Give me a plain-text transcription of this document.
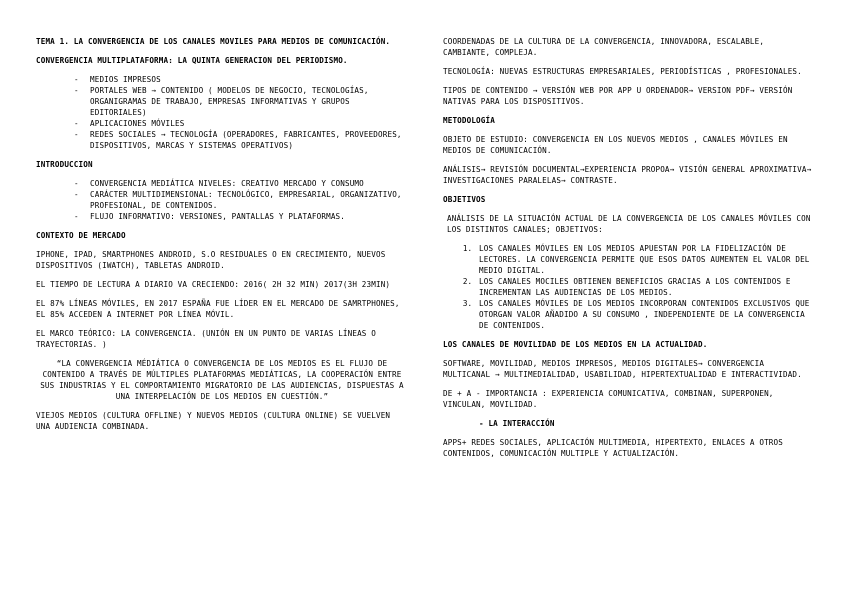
TEMA 1. LA CONVERGENCIA DE LOS CANALES MOVILES PARA MEDIOS DE COMUNICACIÓN.

CONVERGENCIA MULTIPLATAFORMA: LA QUINTA GENERACION DEL PERIODISMO.

- MEDIOS IMPRESOS
- PORTALES WEB → CONTENIDO ( MODELOS DE NEGOCIO, TECNOLOGÍAS, ORGANIGRAMAS DE TRABAJO, EMPRESAS INFORMATIVAS Y GRUPOS EDITORIALES)
- APLICACIONES MÓVILES
- REDES SOCIALES → TECNOLOGÍA (OPERADORES, FABRICANTES, PROVEEDORES, DISPOSITIVOS, MARCAS Y SISTEMAS OPERATIVOS)

INTRODUCCION

- CONVERGENCIA MEDIÁTICA NIVELES: CREATIVO MERCADO Y CONSUMO
- CARÁCTER MULTIDIMENSIONAL: TECNOLÓGICO, EMPRESARIAL, ORGANIZATIVO, PROFESIONAL, DE CONTENIDOS.
- FLUJO INFORMATIVO: VERSIONES, PANTALLAS Y PLATAFORMAS.

CONTEXTO DE MERCADO

IPHONE, IPAD, SMARTPHONES ANDROID, S.O RESIDUALES O EN CRECIMIENTO, NUEVOS DISPOSITIVOS (IWATCH), TABLETAS ANDROID.

EL TIEMPO DE LECTURA A DIARIO VA CRECIENDO: 2016( 2H 32 MIN) 2017(3H 23MIN)

EL 87% LÍNEAS MÓVILES, EN 2017 ESPAÑA FUE LÍDER EN EL MERCADO DE SAMRTPHONES, EL 85% ACCEDEN A INTERNET POR LÍNEA MÓVIL.

EL MARCO TEÓRICO: LA CONVERGENCIA. (UNIÓN EN UN PUNTO DE VARIAS LÍNEAS O TRAYECTORIAS. )

“LA CONVERGENCIA MÉDIÁTICA O CONVERGENCIA DE LOS MEDIOS ES EL FLUJO DE CONTENIDO A TRAVÉS DE MÚLTIPLES PLATAFORMAS MEDIÁTICAS, LA COOPERACIÓN ENTRE SUS INDUSTRIAS Y EL COMPORTAMIENTO MIGRATORIO DE LAS AUDIENCIAS, DISPUESTAS A UNA INTERPELACIÓN DE LOS MEDIOS EN CUESTIÓN.”

VIEJOS MEDIOS (CULTURA OFFLINE) Y NUEVOS MEDIOS (CULTURA ONLINE) SE VUELVEN UNA AUDIENCIA COMBINADA.

COORDENADAS DE LA CULTURA DE LA CONVERGENCIA, INNOVADORA, ESCALABLE, CAMBIANTE, COMPLEJA.

TECNOLOGÍA: NUEVAS ESTRUCTURAS EMPRESARIALES, PERIODÍSTICAS , PROFESIONALES.

TIPOS DE CONTENIDO → VERSIÓN WEB POR APP U ORDENADOR→ VERSION PDF→ VERSIÓN NATIVAS PARA LOS DISPOSITIVOS.

METODOLOGÍA

OBJETO DE ESTUDIO: CONVERGENCIA EN LOS NUEVOS MEDIOS , CANALES MÓVILES EN MEDIOS DE COMUNICACIÓN.

ANÁLISIS→ REVISIÓN DOCUMENTAL→EXPERIENCIA PROPOA→ VISIÓN GENERAL APROXIMATIVA→ INVESTIGACIONES PARALELAS→ CONTRASTE.

OBJETIVOS

ANÁLISIS DE LA SITUACIÓN ACTUAL DE LA CONVERGENCIA DE LOS CANALES MÓVILES CON LOS DISTINTOS CANALES; OBJETIVOS:

1. LOS CANALES MÓVILES EN LOS MEDIOS APUESTAN POR LA FIDELIZACIÓN DE LECTORES. LA CONVERGENCIA PERMITE QUE ESOS DATOS AUMENTEN EL VALOR DEL MEDIO DIGITAL.
2. LOS CANALES MOCILES OBTIENEN BENEFICIOS GRACIAS A LOS CONTENIDOS E INCREMENTAN LAS AUDIENCIAS DE LOS MEDIOS.
3. LOS CANALES MÓVILES DE LOS MEDIOS INCORPORAN CONTENIDOS EXCLUSIVOS QUE OTORGAN VALOR AÑADIDO A SU CONSUMO , INDEPENDIENTE DE LA CONVERGENCIA DE CONTENIDOS.

LOS CANALES DE MOVILIDAD DE LOS MEDIOS EN LA ACTUALIDAD.

SOFTWARE, MOVILIDAD, MEDIOS IMPRESOS, MEDIOS DIGITALES→ CONVERGENCIA MULTICANAL → MULTIMEDIALIDAD, USABILIDAD, HIPERTEXTUALIDAD E INTERACTIVIDAD.

DE + A - IMPORTANCIA : EXPERIENCIA COMUNICATIVA, COMBINAN, SUPERPONEN, VINCULAN, MOVILIDAD.

- LA INTERACCIÓN

APPS+ REDES SOCIALES, APLICACIÓN MULTIMEDIA, HIPERTEXTO, ENLACES A OTROS CONTENIDOS, COMUNICACIÓN MULTIPLE Y ACTUALIZACIÓN.
